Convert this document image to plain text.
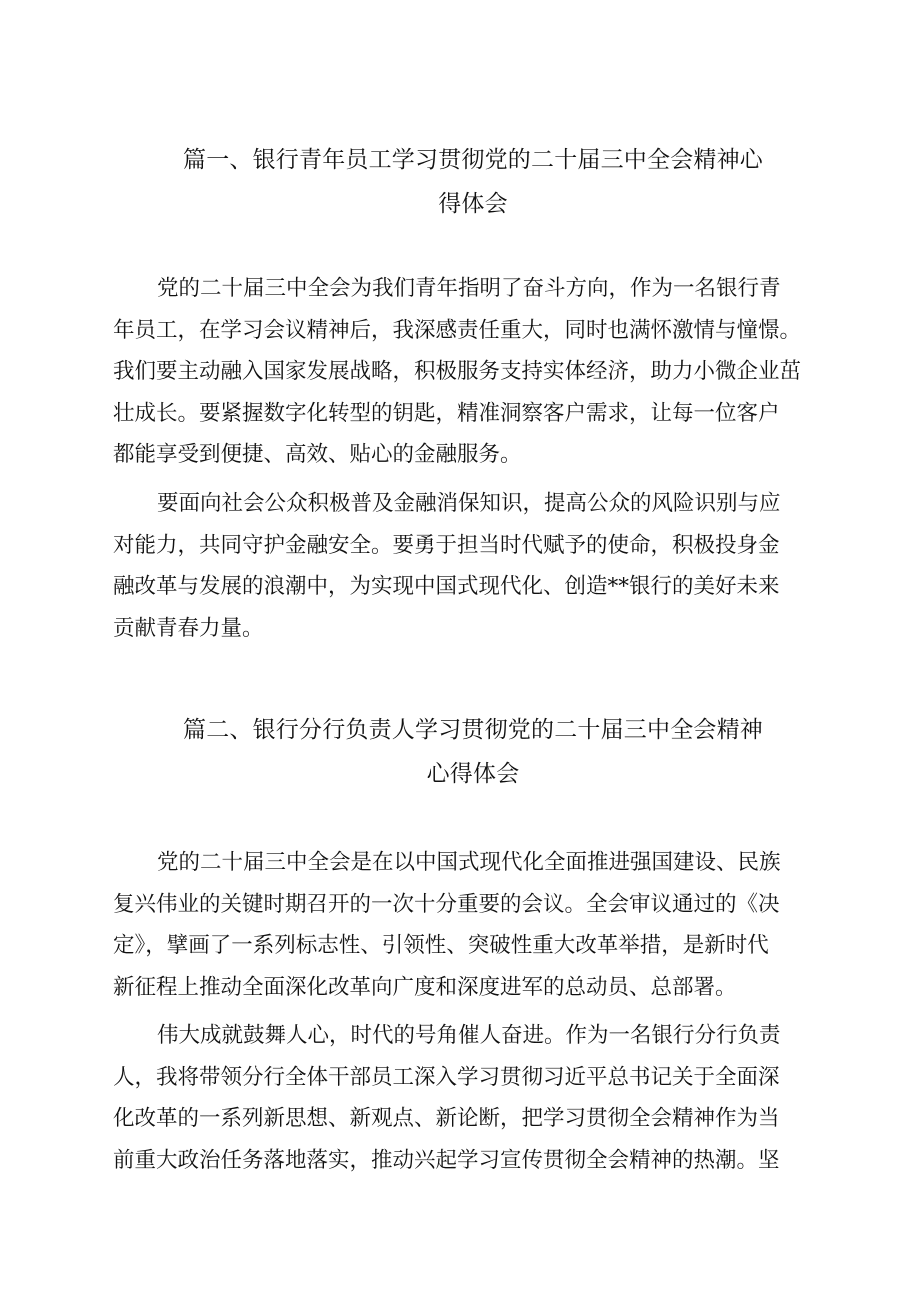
篇一、银行青年员工学习贯彻党的二十届三中全会精神心
得体会

党的二十届三中全会为我们青年指明了奋斗方向，作为一名银行青
年员工，在学习会议精神后，我深感责任重大，同时也满怀激情与憧憬。
我们要主动融入国家发展战略，积极服务支持实体经济，助力小微企业茁
壮成长。要紧握数字化转型的钥匙，精准洞察客户需求，让每一位客户
都能享受到便捷、高效、贴心的金融服务。

要面向社会公众积极普及金融消保知识，提高公众的风险识别与应
对能力，共同守护金融安全。要勇于担当时代赋予的使命，积极投身金
融改革与发展的浪潮中，为实现中国式现代化、创造**银行的美好未来
贡献青春力量。

篇二、银行分行负责人学习贯彻党的二十届三中全会精神
心得体会

党的二十届三中全会是在以中国式现代化全面推进强国建设、民族
复兴伟业的关键时期召开的一次十分重要的会议。全会审议通过的《决
定》，擘画了一系列标志性、引领性、突破性重大改革举措，是新时代
新征程上推动全面深化改革向广度和深度进军的总动员、总部署。

伟大成就鼓舞人心，时代的号角催人奋进。作为一名银行分行负责
人，我将带领分行全体干部员工深入学习贯彻习近平总书记关于全面深
化改革的一系列新思想、新观点、新论断，把学习贯彻全会精神作为当
前重大政治任务落地落实，推动兴起学习宣传贯彻全会精神的热潮。坚
